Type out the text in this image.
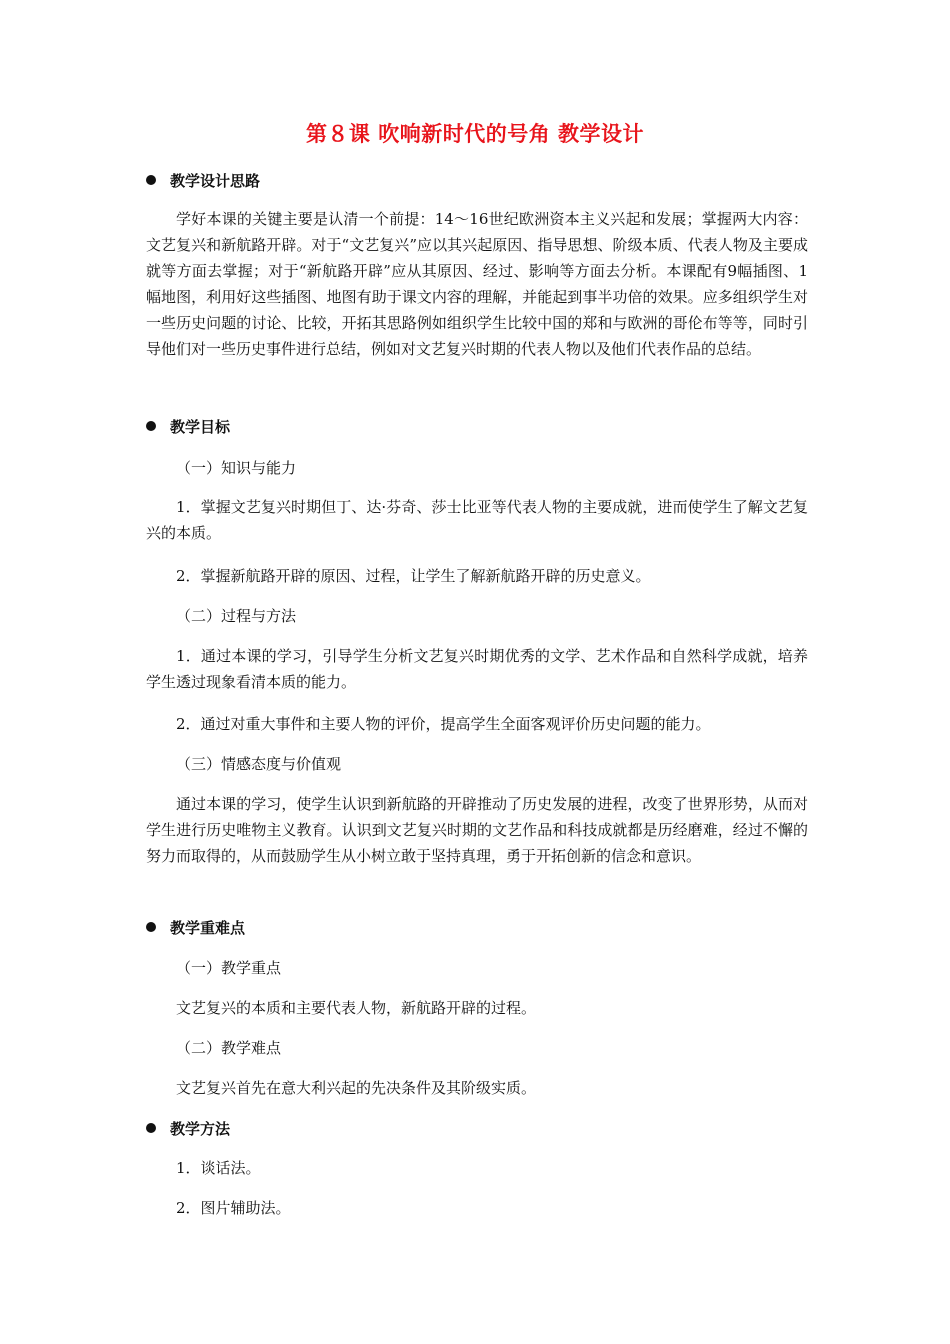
第８课 吹响新时代的号角 教学设计
教学设计思路
学好本课的关键主要是认清一个前提：14～16世纪欧洲资本主义兴起和发展；掌握两大内容：文艺复兴和新航路开辟。对于“文艺复兴”应以其兴起原因、指导思想、阶级本质、代表人物及主要成就等方面去掌握；对于“新航路开辟”应从其原因、经过、影响等方面去分析。本课配有9幅插图、1幅地图，利用好这些插图、地图有助于课文内容的理解，并能起到事半功倍的效果。应多组织学生对一些历史问题的讨论、比较，开拓其思路例如组织学生比较中国的郑和与欧洲的哥伦布等等，同时引导他们对一些历史事件进行总结，例如对文艺复兴时期的代表人物以及他们代表作品的总结。
教学目标
（一）知识与能力
1．掌握文艺复兴时期但丁、达·芬奇、莎士比亚等代表人物的主要成就，进而使学生了解文艺复兴的本质。
2．掌握新航路开辟的原因、过程，让学生了解新航路开辟的历史意义。
（二）过程与方法
1．通过本课的学习，引导学生分析文艺复兴时期优秀的文学、艺术作品和自然科学成就，培养学生透过现象看清本质的能力。
2．通过对重大事件和主要人物的评价，提高学生全面客观评价历史问题的能力。
（三）情感态度与价值观
通过本课的学习，使学生认识到新航路的开辟推动了历史发展的进程，改变了世界形势，从而对学生进行历史唯物主义教育。认识到文艺复兴时期的文艺作品和科技成就都是历经磨难，经过不懈的努力而取得的，从而鼓励学生从小树立敢于坚持真理，勇于开拓创新的信念和意识。
教学重难点
（一）教学重点
文艺复兴的本质和主要代表人物，新航路开辟的过程。
（二）教学难点
文艺复兴首先在意大利兴起的先决条件及其阶级实质。
教学方法
1．谈话法。
2．图片辅助法。
